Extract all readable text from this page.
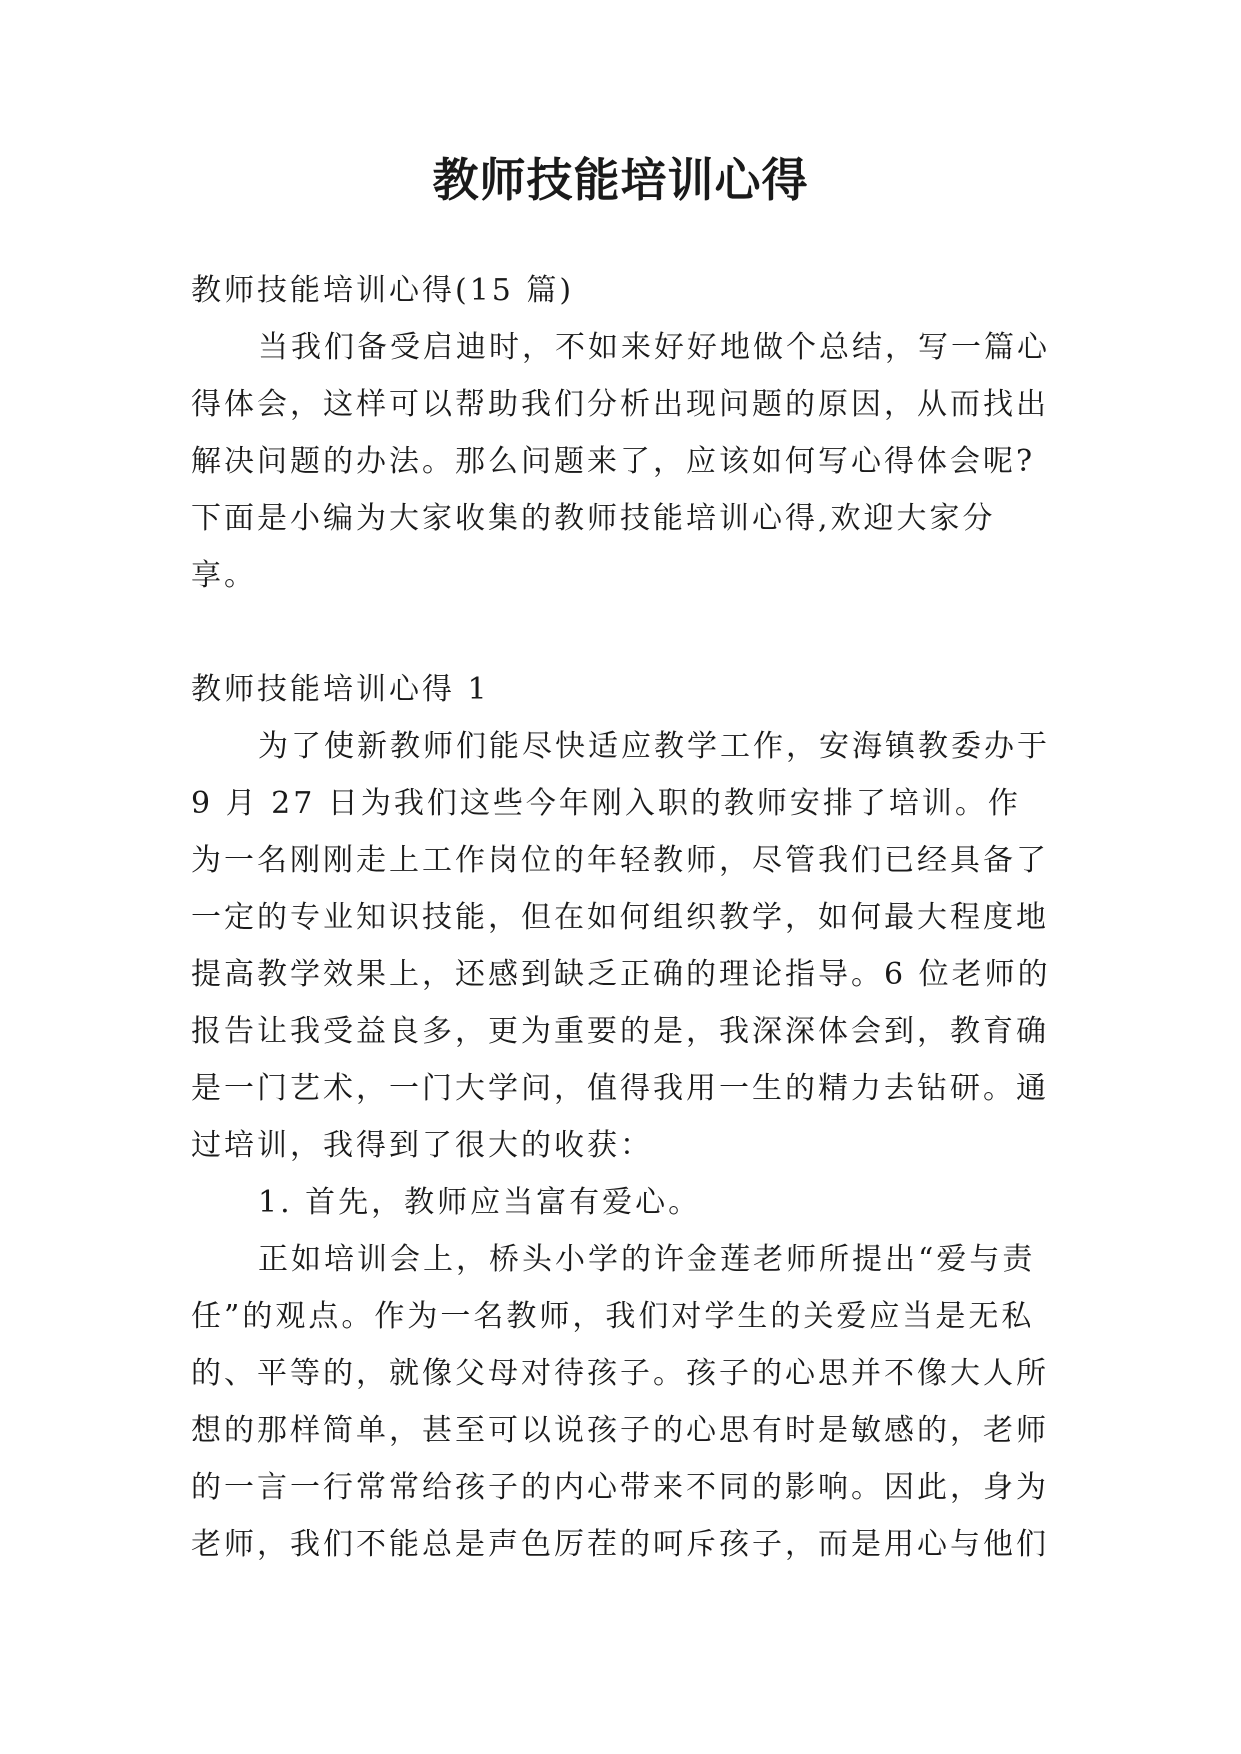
教师技能培训心得

教师技能培训心得(15 篇)

当我们备受启迪时，不如来好好地做个总结，写一篇心得体会，这样可以帮助我们分析出现问题的原因，从而找出解决问题的办法。那么问题来了，应该如何写心得体会呢?下面是小编为大家收集的教师技能培训心得,欢迎大家分享。

教师技能培训心得 1

为了使新教师们能尽快适应教学工作，安海镇教委办于9 月 27 日为我们这些今年刚入职的教师安排了培训。作为一名刚刚走上工作岗位的年轻教师，尽管我们已经具备了一定的专业知识技能，但在如何组织教学，如何最大程度地提高教学效果上，还感到缺乏正确的理论指导。6 位老师的报告让我受益良多，更为重要的是，我深深体会到，教育确是一门艺术，一门大学问，值得我用一生的精力去钻研。通过培训，我得到了很大的收获：

1. 首先，教师应当富有爱心。

正如培训会上，桥头小学的许金莲老师所提出“爱与责任”的观点。作为一名教师，我们对学生的关爱应当是无私的、平等的，就像父母对待孩子。孩子的心思并不像大人所想的那样简单，甚至可以说孩子的心思有时是敏感的，老师的一言一行常常给孩子的内心带来不同的影响。因此，身为老师，我们不能总是声色厉茬的呵斥孩子，而是用心与他们
